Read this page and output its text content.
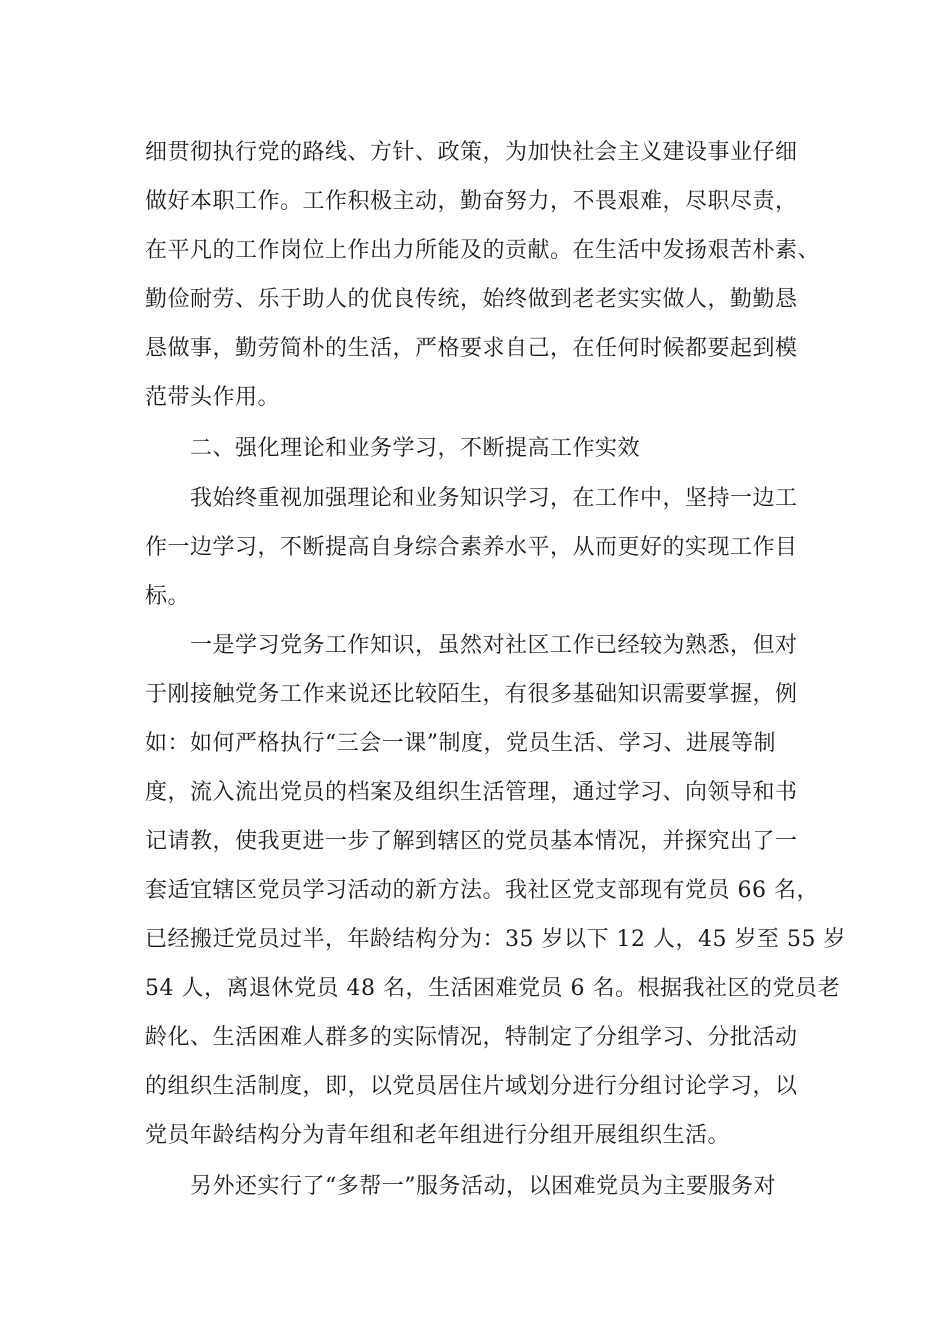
细贯彻执行党的路线、方针、政策，为加快社会主义建设事业仔细

做好本职工作。工作积极主动，勤奋努力，不畏艰难，尽职尽责，

在平凡的工作岗位上作出力所能及的贡献。在生活中发扬艰苦朴素、

勤俭耐劳、乐于助人的优良传统，始终做到老老实实做人，勤勤恳

恳做事，勤劳简朴的生活，严格要求自己，在任何时候都要起到模

范带头作用。

二、强化理论和业务学习，不断提高工作实效

我始终重视加强理论和业务知识学习，在工作中，坚持一边工

作一边学习，不断提高自身综合素养水平，从而更好的实现工作目

标。

一是学习党务工作知识，虽然对社区工作已经较为熟悉，但对

于刚接触党务工作来说还比较陌生，有很多基础知识需要掌握，例

如：如何严格执行“三会一课”制度，党员生活、学习、进展等制

度，流入流出党员的档案及组织生活管理，通过学习、向领导和书

记请教，使我更进一步了解到辖区的党员基本情况，并探究出了一

套适宜辖区党员学习活动的新方法。我社区党支部现有党员 66 名，

已经搬迁党员过半，年龄结构分为：35 岁以下 12 人，45 岁至 55 岁

54 人，离退休党员 48 名，生活困难党员 6 名。根据我社区的党员老

龄化、生活困难人群多的实际情况，特制定了分组学习、分批活动

的组织生活制度，即，以党员居住片域划分进行分组讨论学习，以

党员年龄结构分为青年组和老年组进行分组开展组织生活。

另外还实行了“多帮一”服务活动，以困难党员为主要服务对
